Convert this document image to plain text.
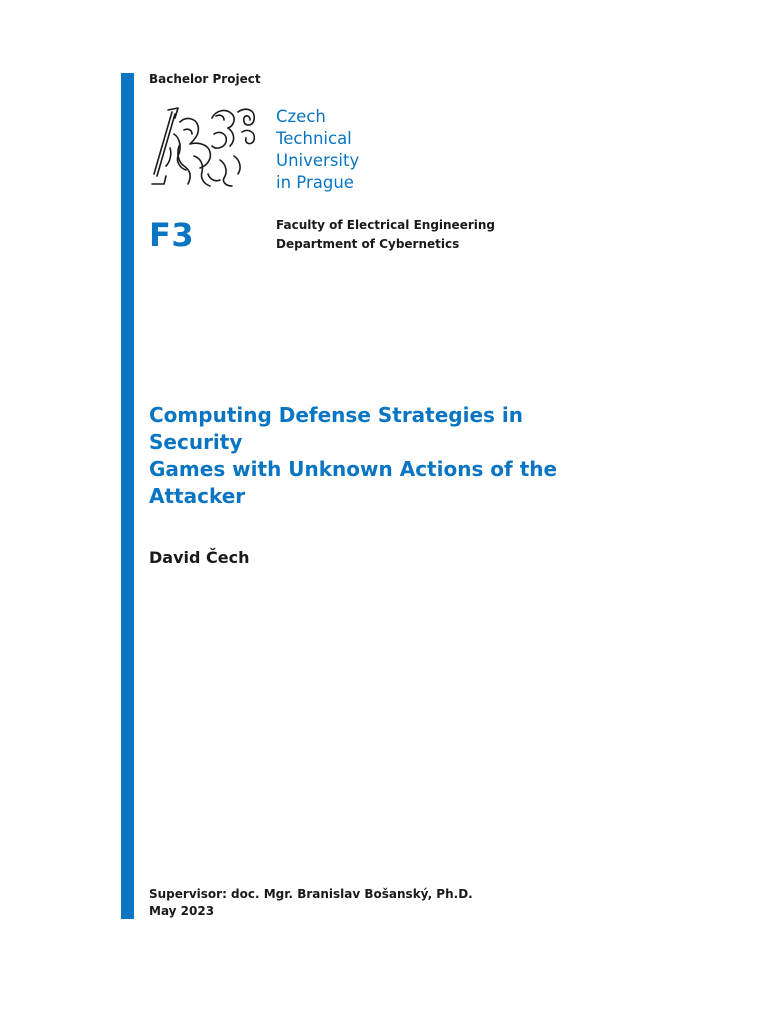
Bachelor Project
Czech
Technical
University
in Prague
F3	Faculty of Electrical Engineering
Department of Cybernetics
Computing Defense Strategies in Security
Games with Unknown Actions of the
Attacker
David Čech
Supervisor: doc. Mgr. Branislav Bošanský, Ph.D.
May 2023
